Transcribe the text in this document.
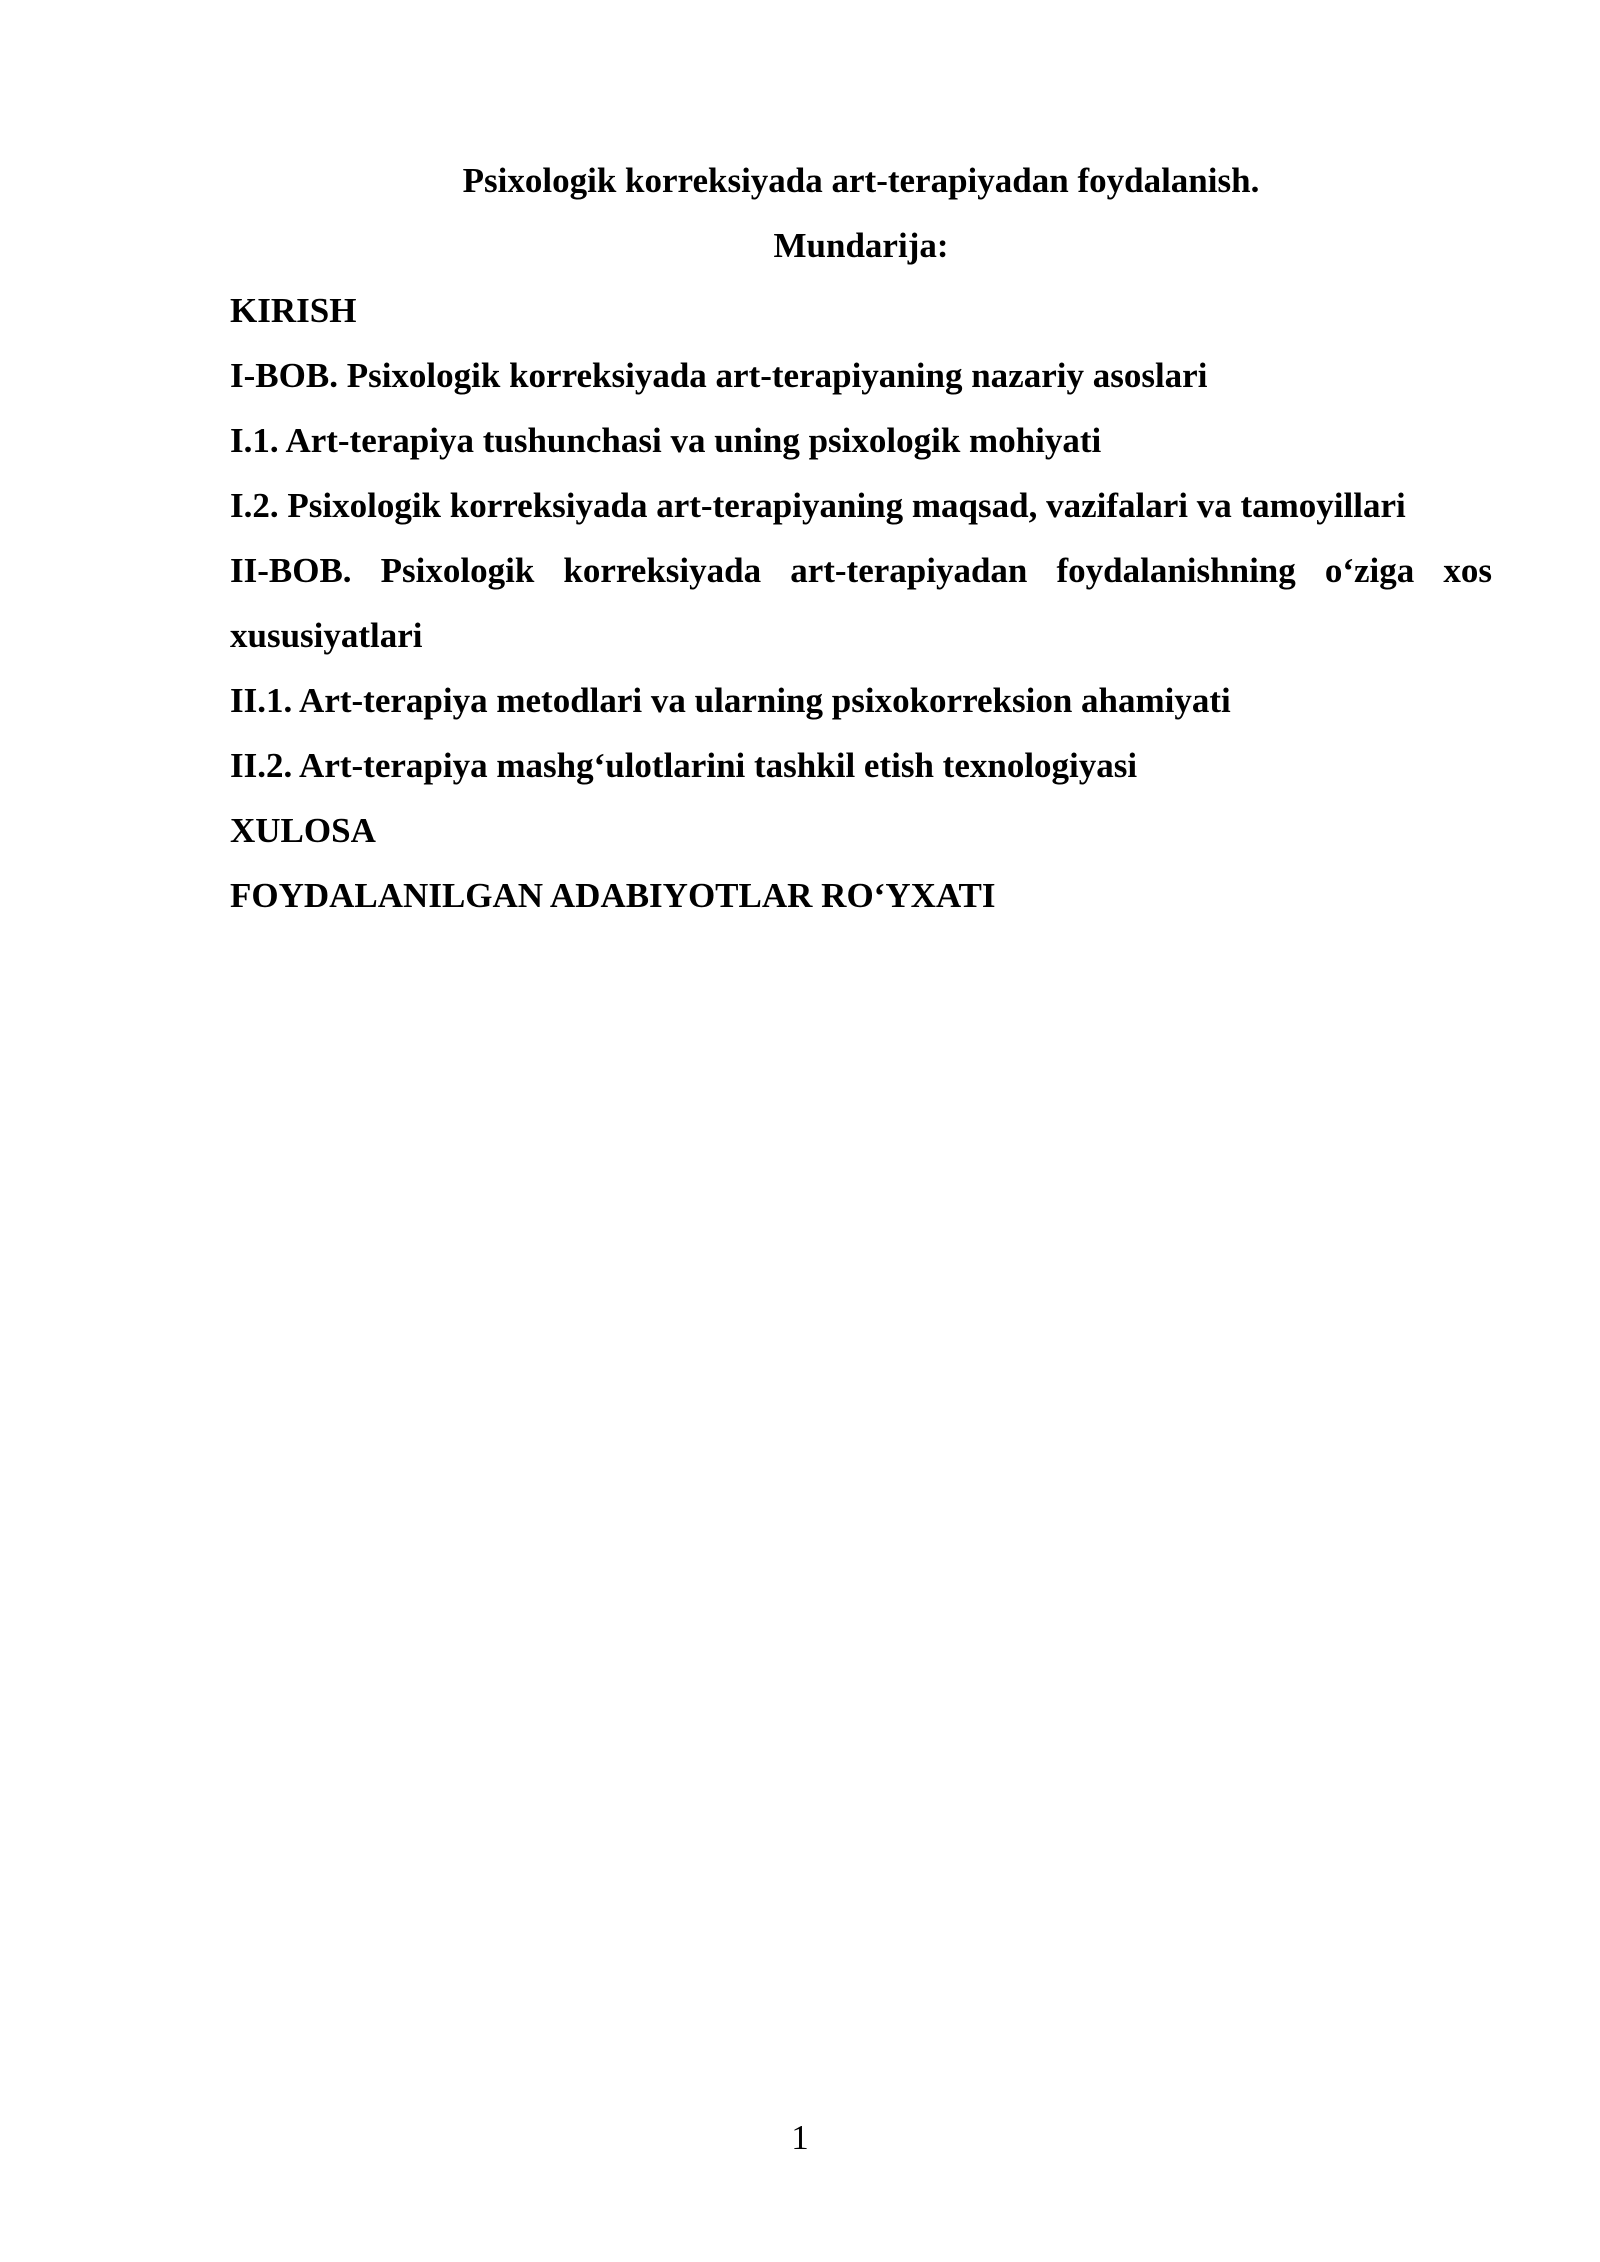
Psixologik korreksiyada art-terapiyadan foydalanish.
Mundarija:
KIRISH
I-BOB. Psixologik korreksiyada art-terapiyaning nazariy asoslari
I.1. Art-terapiya tushunchasi va uning psixologik mohiyati
I.2. Psixologik korreksiyada art-terapiyaning maqsad, vazifalari va tamoyillari
II-BOB. Psixologik korreksiyada art-terapiyadan foydalanishning o‘ziga xos xususiyatlari
II.1. Art-terapiya metodlari va ularning psixokorreksion ahamiyati
II.2. Art-terapiya mashg‘ulotlarini tashkil etish texnologiyasi
XULOSA
FOYDALANILGAN ADABIYOTLAR RO‘YXATI
1
